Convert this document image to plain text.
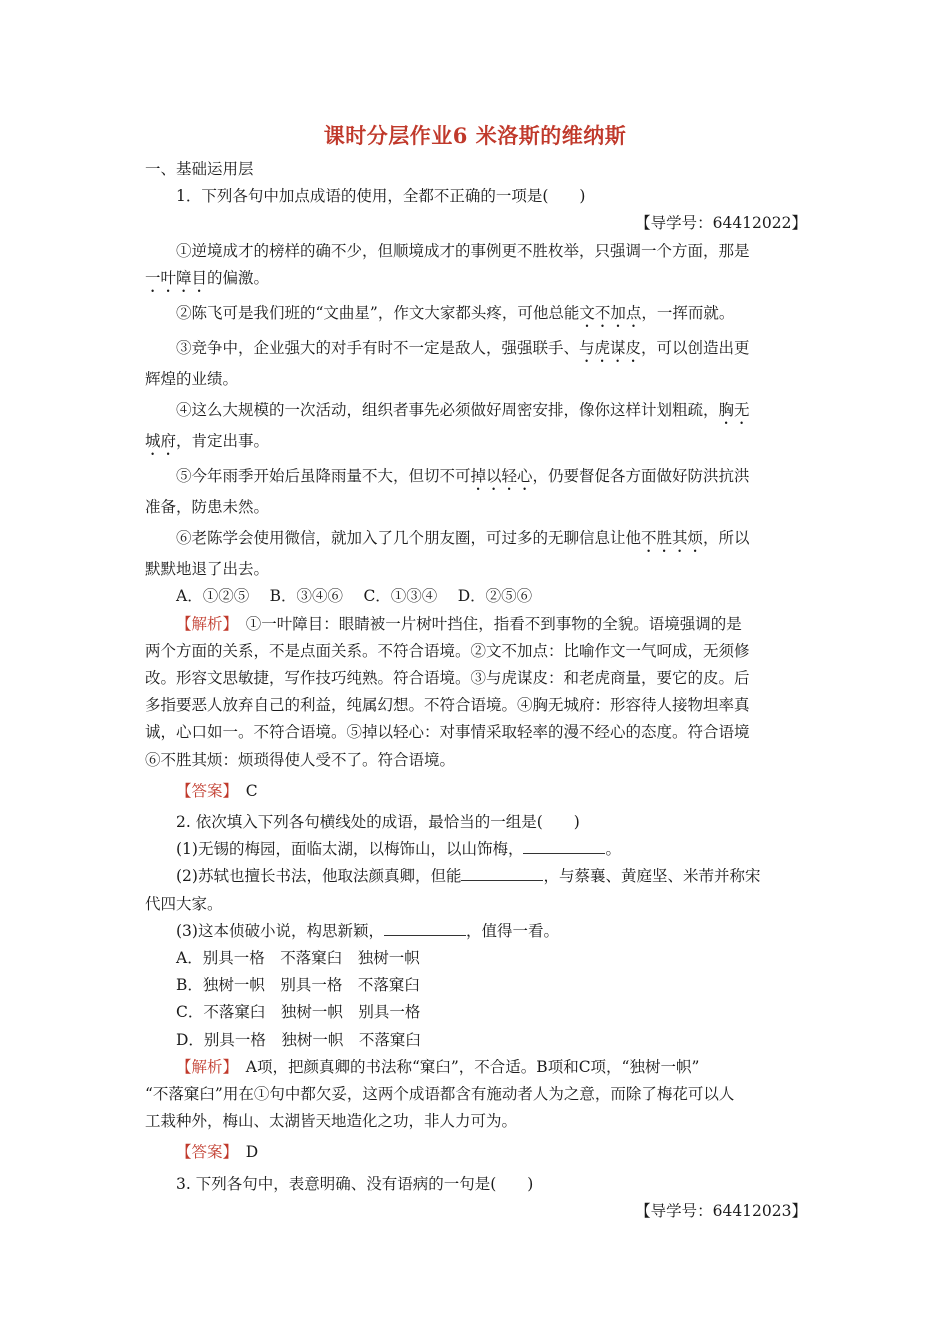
课时分层作业6 米洛斯的维纳斯
一、基础运用层
1．下列各句中加点成语的使用，全都不正确的一项是(　　)
【导学号：64412022】
①逆境成才的榜样的确不少，但顺境成才的事例更不胜枚举，只强调一个方面，那是
一叶障目的偏激。
②陈飞可是我们班的“文曲星”，作文大家都头疼，可他总能文不加点，一挥而就。
③竞争中，企业强大的对手有时不一定是敌人，强强联手、与虎谋皮，可以创造出更
辉煌的业绩。
④这么大规模的一次活动，组织者事先必须做好周密安排，像你这样计划粗疏，胸无
城府，肯定出事。
⑤今年雨季开始后虽降雨量不大，但切不可掉以轻心，仍要督促各方面做好防洪抗洪
准备，防患未然。
⑥老陈学会使用微信，就加入了几个朋友圈，可过多的无聊信息让他不胜其烦，所以
默默地退了出去。
A．①②⑤　 B．③④⑥　 C．①③④　 D．②⑤⑥
【解析】　①一叶障目：眼睛被一片树叶挡住，指看不到事物的全貌。语境强调的是
两个方面的关系，不是点面关系。不符合语境。②文不加点：比喻作文一气呵成，无须修
改。形容文思敏捷，写作技巧纯熟。符合语境。③与虎谋皮：和老虎商量，要它的皮。后
多指要恶人放弃自己的利益，纯属幻想。不符合语境。④胸无城府：形容待人接物坦率真
诚，心口如一。不符合语境。⑤掉以轻心：对事情采取轻率的漫不经心的态度。符合语境
⑥不胜其烦：烦琐得使人受不了。符合语境。
【答案】　C
2. 依次填入下列各句横线处的成语，最恰当的一组是(　　)
(1)无锡的梅园，面临太湖，以梅饰山，以山饰梅，	。
(2)苏轼也擅长书法，他取法颜真卿，但能	，与蔡襄、黄庭坚、米芾并称宋
代四大家。
(3)这本侦破小说，构思新颖，	，值得一看。
A．别具一格　不落窠臼　独树一帜
B．独树一帜　别具一格　不落窠臼
C．不落窠臼　独树一帜　别具一格
D．别具一格　独树一帜　不落窠臼
【解析】　A项，把颜真卿的书法称“窠臼”，不合适。B项和C项，“独树一帜”
“不落窠臼”用在①句中都欠妥，这两个成语都含有施动者人为之意，而除了梅花可以人
工栽种外，梅山、太湖皆天地造化之功，非人力可为。
【答案】　D
3. 下列各句中，表意明确、没有语病的一句是(　　)
【导学号：64412023】
